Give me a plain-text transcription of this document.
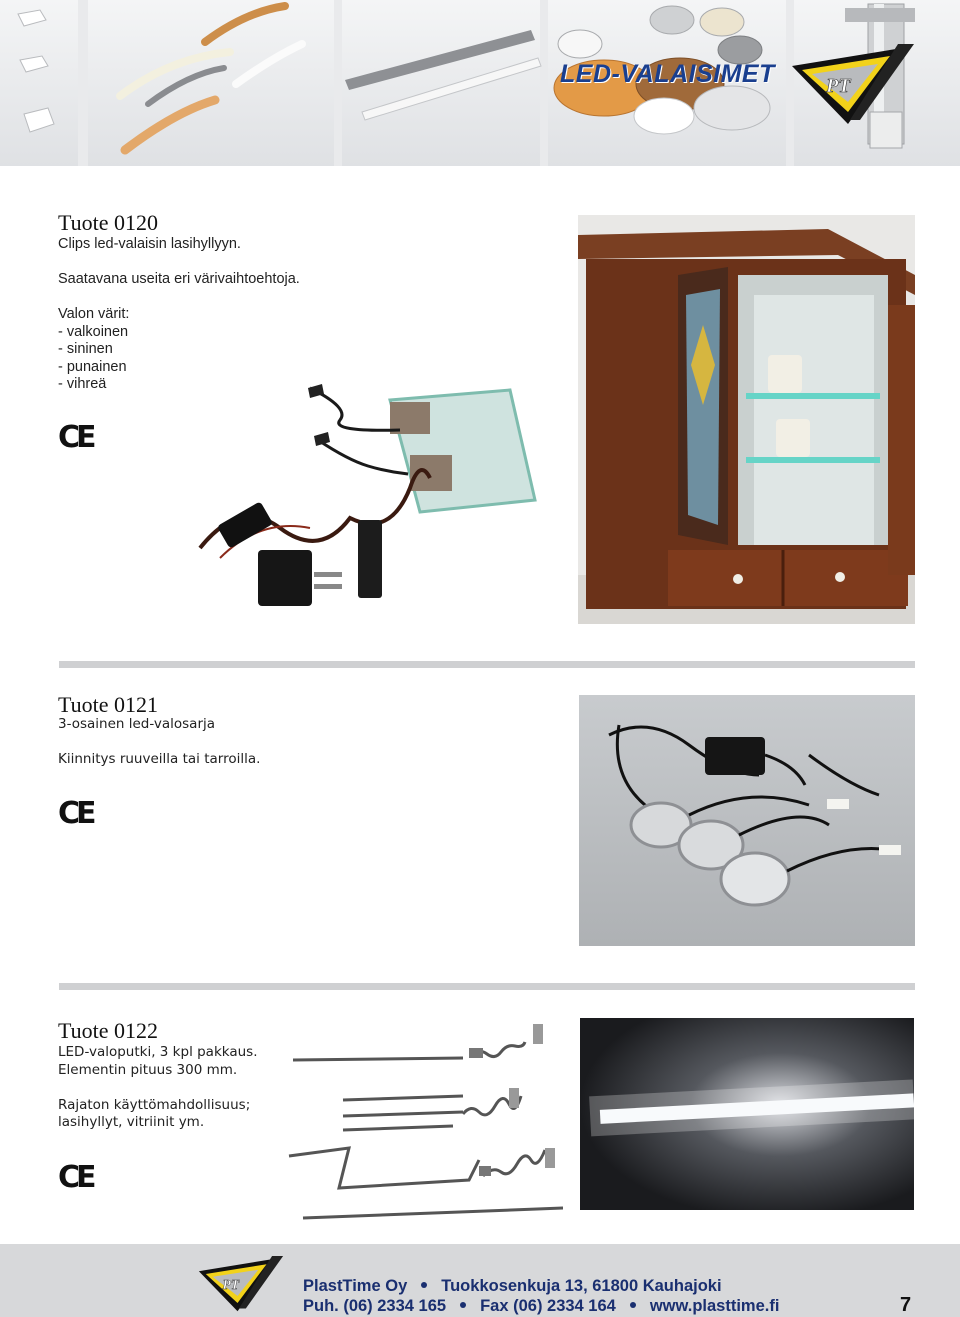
LED-VALAISIMET	PT
Tuote 0120
Clips led-valaisin lasihyllyyn.

Saatavana useita eri värivaihtoehtoja.

Valon värit:
- valkoinen
- sininen
- punainen
- vihreä
CE
Tuote 0121
3-osainen led-valosarja

Kiinnitys ruuveilla tai tarroilla.
CE
Tuote 0122
LED-valoputki, 3 kpl pakkaus.
Elementin pituus 300 mm.

Rajaton käyttömahdollisuus;
lasihyllyt, vitriinit ym.
CE
PT	PlastTime Oy Tuokkosenkuja 13, 61800 Kauhajoki
Puh. (06) 2334 165 Fax (06) 2334 164 www.plasttime.fi	7
